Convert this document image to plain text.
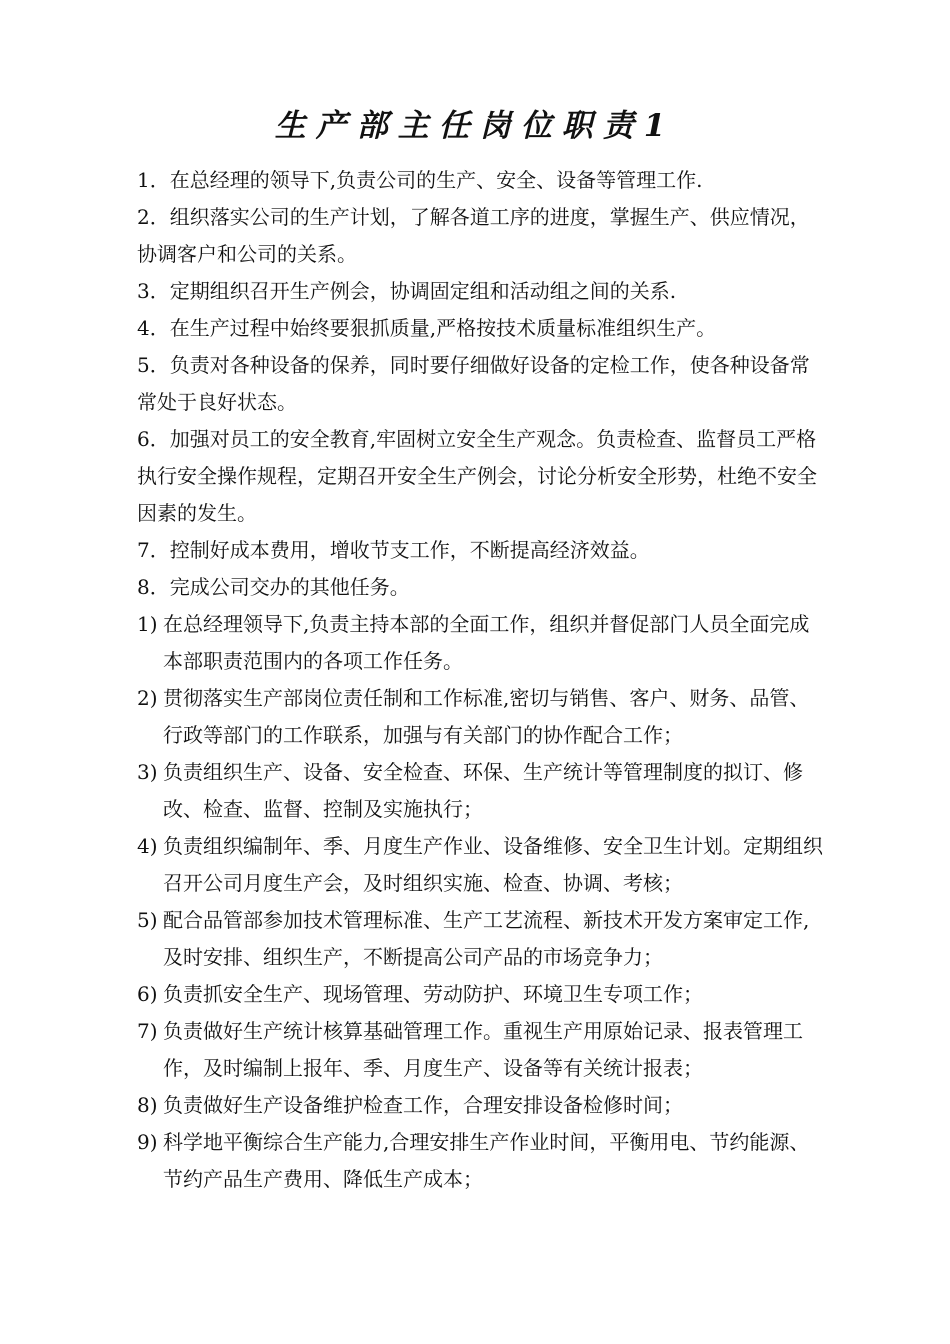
生产部主任岗位职责1

1．在总经理的领导下,负责公司的生产、安全、设备等管理工作.

2．组织落实公司的生产计划，了解各道工序的进度，掌握生产、供应情况，协调客户和公司的关系。

3．定期组织召开生产例会，协调固定组和活动组之间的关系.

4．在生产过程中始终要狠抓质量,严格按技术质量标准组织生产。

5．负责对各种设备的保养，同时要仔细做好设备的定检工作，使各种设备常常处于良好状态。

6．加强对员工的安全教育,牢固树立安全生产观念。负责检查、监督员工严格执行安全操作规程，定期召开安全生产例会，讨论分析安全形势，杜绝不安全因素的发生。

7．控制好成本费用，增收节支工作，不断提高经济效益。

8．完成公司交办的其他任务。

1) 在总经理领导下,负责主持本部的全面工作，组织并督促部门人员全面完成本部职责范围内的各项工作任务。
2) 贯彻落实生产部岗位责任制和工作标准,密切与销售、客户、财务、品管、行政等部门的工作联系，加强与有关部门的协作配合工作；
3) 负责组织生产、设备、安全检查、环保、生产统计等管理制度的拟订、修改、检查、监督、控制及实施执行；
4) 负责组织编制年、季、月度生产作业、设备维修、安全卫生计划。定期组织召开公司月度生产会，及时组织实施、检查、协调、考核；
5) 配合品管部参加技术管理标准、生产工艺流程、新技术开发方案审定工作,及时安排、组织生产，不断提高公司产品的市场竞争力；
6) 负责抓安全生产、现场管理、劳动防护、环境卫生专项工作；
7) 负责做好生产统计核算基础管理工作。重视生产用原始记录、报表管理工作，及时编制上报年、季、月度生产、设备等有关统计报表；
8) 负责做好生产设备维护检查工作，合理安排设备检修时间；
9) 科学地平衡综合生产能力,合理安排生产作业时间，平衡用电、节约能源、节约产品生产费用、降低生产成本；
